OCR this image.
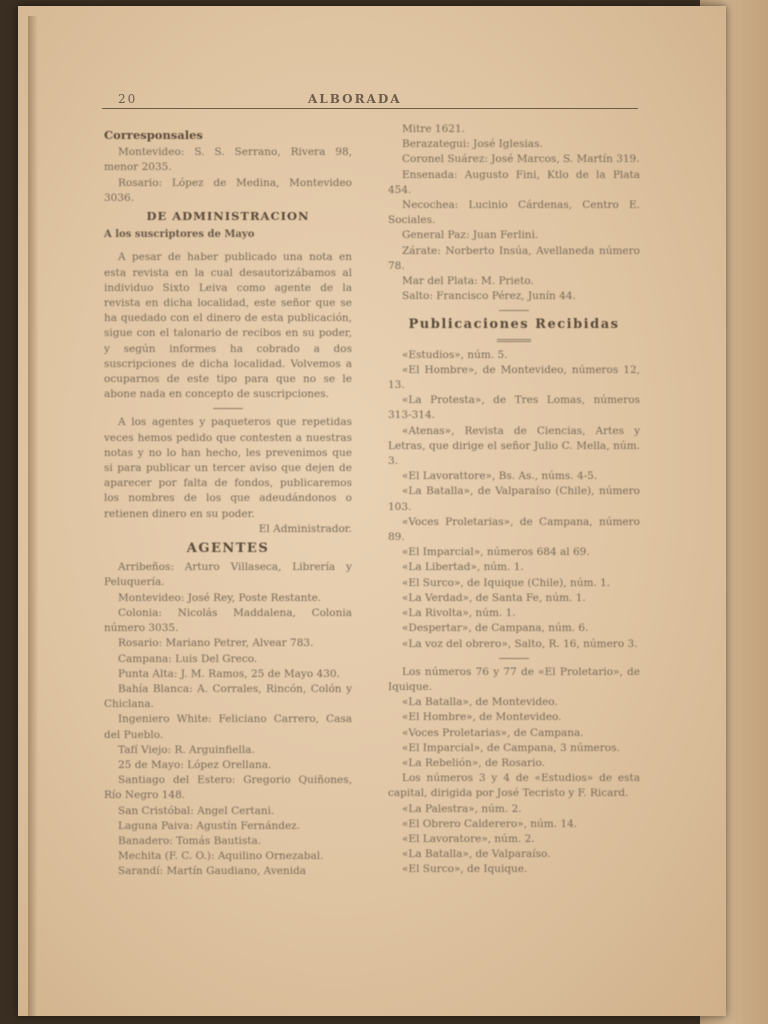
20	ALBORADA

Corresponsales

Montevideo: S. S. Serrano, Rivera 98, menor 2035.

Rosario: López de Medina, Montevideo 3036.

DE ADMINISTRACION

A los suscriptores de Mayo

A pesar de haber publicado una nota en esta revista en la cual desautorizábamos al individuo Sixto Leiva como agente de la revista en dicha localidad, este señor que se ha quedado con el dinero de esta publicación, sigue con el talonario de recibos en su poder, y según informes ha cobrado a dos suscripciones de dicha localidad. Volvemos a ocuparnos de este tipo para que no se le abone nada en concepto de suscripciones.

A los agentes y paqueteros que repetidas veces hemos pedido que contesten a nuestras notas y no lo han hecho, les prevenimos que si para publicar un tercer aviso que dejen de aparecer por falta de fondos, publicaremos los nombres de los que adeudándonos o retienen dinero en su poder.

El Administrador.

AGENTES

Arribeños: Arturo Villaseca, Librería y Peluquería.

Montevideo: José Rey, Poste Restante.

Colonia: Nicolás Maddalena, Colonia número 3035.

Rosario: Mariano Petrer, Alvear 783.

Campana: Luis Del Greco.

Punta Alta: J. M. Ramos, 25 de Mayo 430.

Bahía Blanca: A. Corrales, Rincón, Colón y Chiclana.

Ingeniero White: Feliciano Carrero, Casa del Pueblo.

Tafí Viejo: R. Arguinfiella.

25 de Mayo: López Orellana.

Santiago del Estero: Gregorio Quiñones, Río Negro 148.

San Cristóbal: Angel Certani.

Laguna Paiva: Agustín Fernández.

Banadero: Tomás Bautista.

Mechita (F. C. O.): Aquilino Ornezabal.

Sarandí: Martín Gaudiano, Avenida

Mitre 1621.

Berazategui: José Iglesias.

Coronel Suárez: José Marcos, S. Martín 319.

Ensenada: Augusto Fini, Ktlo de la Plata 454.

Necochea: Lucinio Cárdenas, Centro E. Sociales.

General Paz: Juan Ferlini.

Zárate: Norberto Insúa, Avellaneda número 78.

Mar del Plata: M. Prieto.

Salto: Francisco Pérez, Junín 44.

Publicaciones Recibidas

«Estudios», núm. 5.

«El Hombre», de Montevideo, números 12, 13.

«La Protesta», de Tres Lomas, números 313-314.

«Atenas», Revista de Ciencias, Artes y Letras, que dirige el señor Julio C. Mella, núm. 3.

«El Lavorattore», Bs. As., núms. 4-5.

«La Batalla», de Valparaíso (Chile), número 103.

«Voces Proletarias», de Campana, número 89.

«El Imparcial», números 684 al 69.

«La Libertad», núm. 1.

«El Surco», de Iquique (Chile), núm. 1.

«La Verdad», de Santa Fe, núm. 1.

«La Rivolta», núm. 1.

«Despertar», de Campana, núm. 6.

«La voz del obrero», Salto, R. 16, número 3.

Los números 76 y 77 de «El Proletario», de Iquique.

«La Batalla», de Montevideo.

«El Hombre», de Montevideo.

«Voces Proletarias», de Campana.

«El Imparcial», de Campana, 3 números.

«La Rebelión», de Rosario.

Los números 3 y 4 de «Estudios» de esta capital, dirigida por José Tecristo y F. Ricard.

«La Palestra», núm. 2.

«El Obrero Calderero», núm. 14.

«El Lavoratore», núm. 2.

«La Batalla», de Valparaíso.

«El Surco», de Iquique.
